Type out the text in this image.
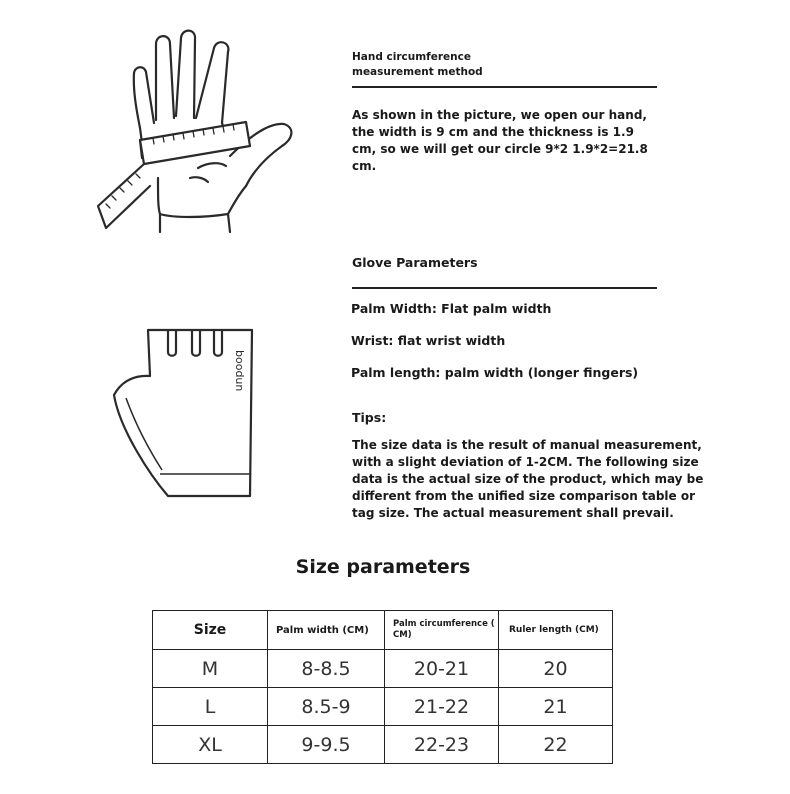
boodun
Hand circumference
measurement method
As shown in the picture, we open our hand, the width is 9 cm and the thickness is 1.9 cm, so we will get our circle 9*2 1.9*2=21.8 cm.
Glove Parameters
Palm Width: Flat palm width
Wrist: flat wrist width
Palm length: palm width (longer fingers)
Tips:
The size data is the result of manual measurement, with a slight deviation of 1-2CM. The following size data is the actual size of the product, which may be different from the unified size comparison table or tag size. The actual measurement shall prevail.
Size parameters
Size	Palm width (CM)	Palm circumference ( CM)	Ruler length (CM)
M	8-8.5	20-21	20
L	8.5-9	21-22	21
XL	9-9.5	22-23	22
